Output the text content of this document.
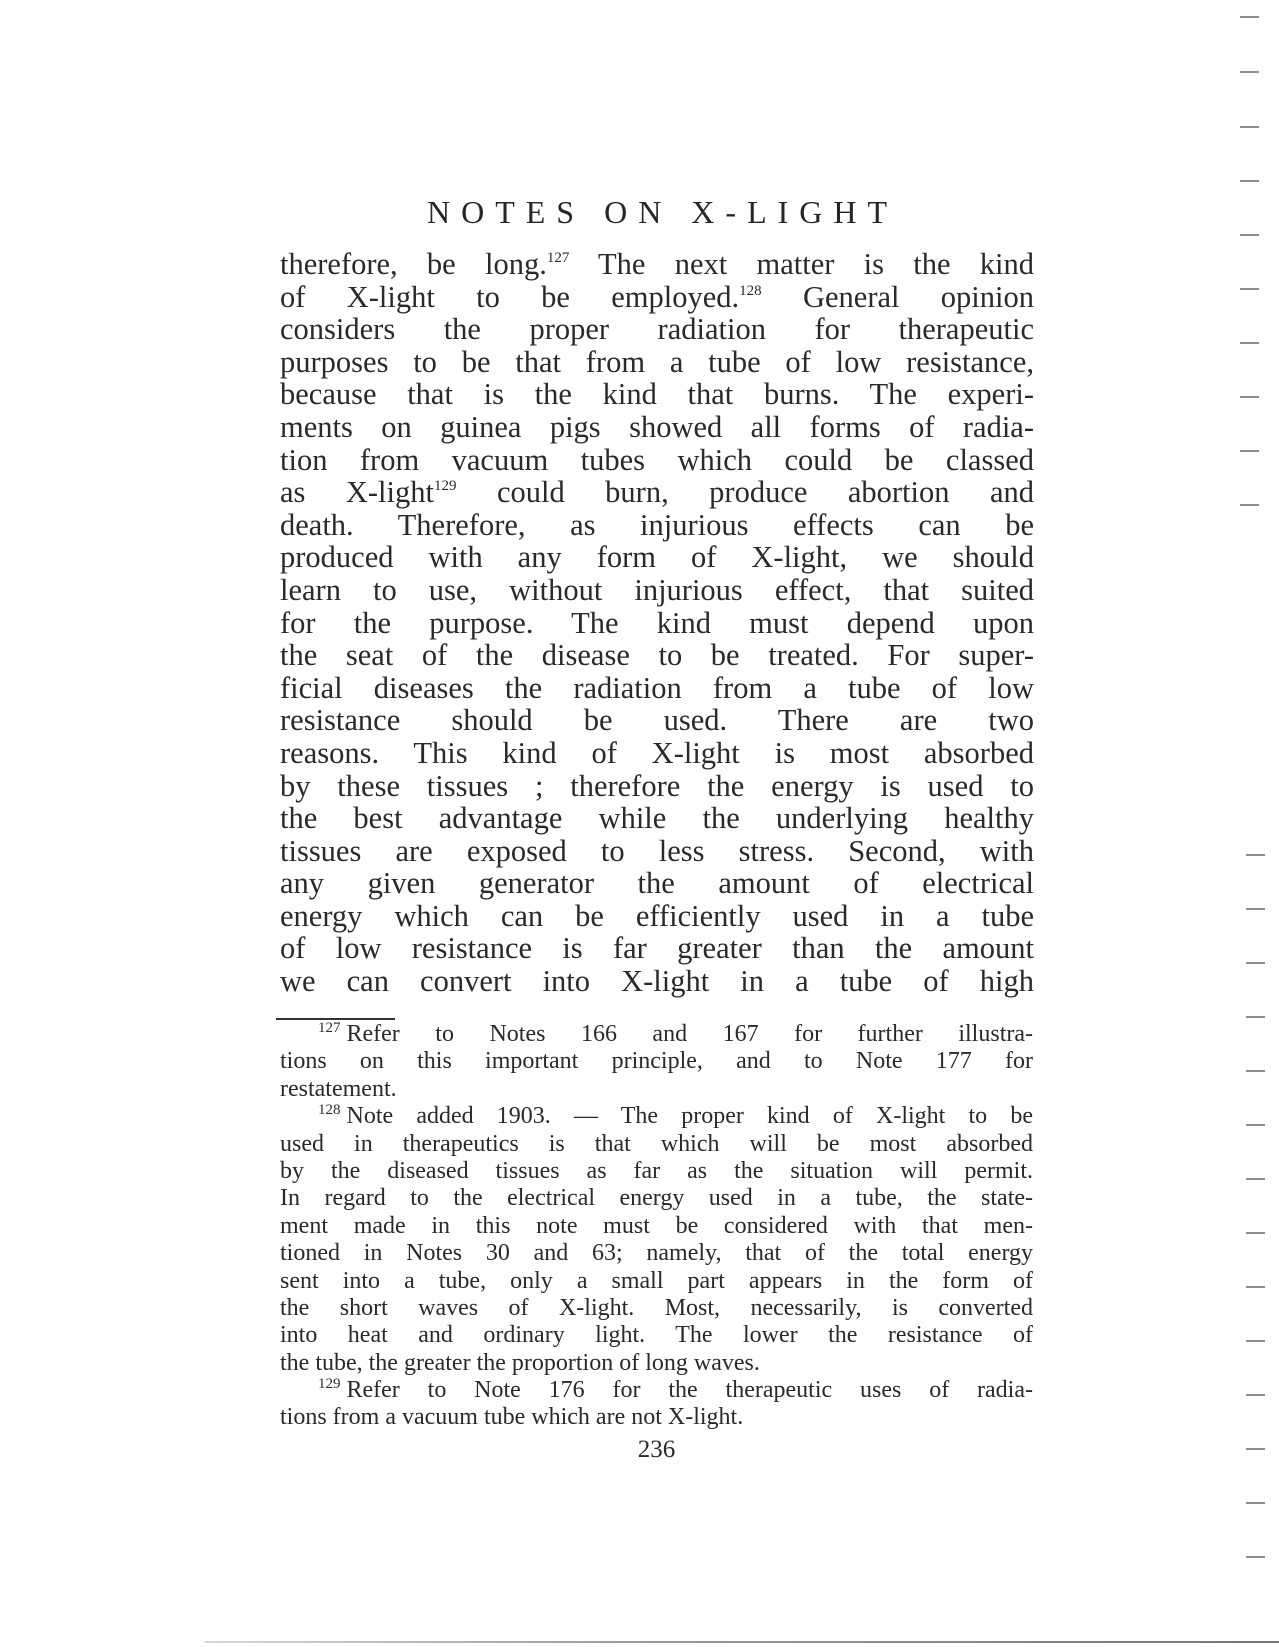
NOTES ON X-LIGHT
therefore, be long.$^{127}$ The next matter is the kind
of X-light to be employed.$^{128}$ General opinion
considers the proper radiation for therapeutic
purposes to be that from a tube of low resistance,
because that is the kind that burns. The experi-
ments on guinea pigs showed all forms of radia-
tion from vacuum tubes which could be classed
as X-light$^{129}$ could burn, produce abortion and
death. Therefore, as injurious effects can be
produced with any form of X-light, we should
learn to use, without injurious effect, that suited
for the purpose. The kind must depend upon
the seat of the disease to be treated. For super-
ficial diseases the radiation from a tube of low
resistance should be used. There are two
reasons. This kind of X-light is most absorbed
by these tissues ; therefore the energy is used to
the best advantage while the underlying healthy
tissues are exposed to less stress. Second, with
any given generator the amount of electrical
energy which can be efficiently used in a tube
of low resistance is far greater than the amount
we can convert into X-light in a tube of high
$^{127}$ Refer to Notes 166 and 167 for further illustra-
tions on this important principle, and to Note 177 for
restatement.
$^{128}$ Note added 1903. — The proper kind of X-light to be
used in therapeutics is that which will be most absorbed
by the diseased tissues as far as the situation will permit.
In regard to the electrical energy used in a tube, the state-
ment made in this note must be considered with that men-
tioned in Notes 30 and 63; namely, that of the total energy
sent into a tube, only a small part appears in the form of
the short waves of X-light. Most, necessarily, is converted
into heat and ordinary light. The lower the resistance of
the tube, the greater the proportion of long waves.
$^{129}$ Refer to Note 176 for the therapeutic uses of radia-
tions from a vacuum tube which are not X-light.
236
